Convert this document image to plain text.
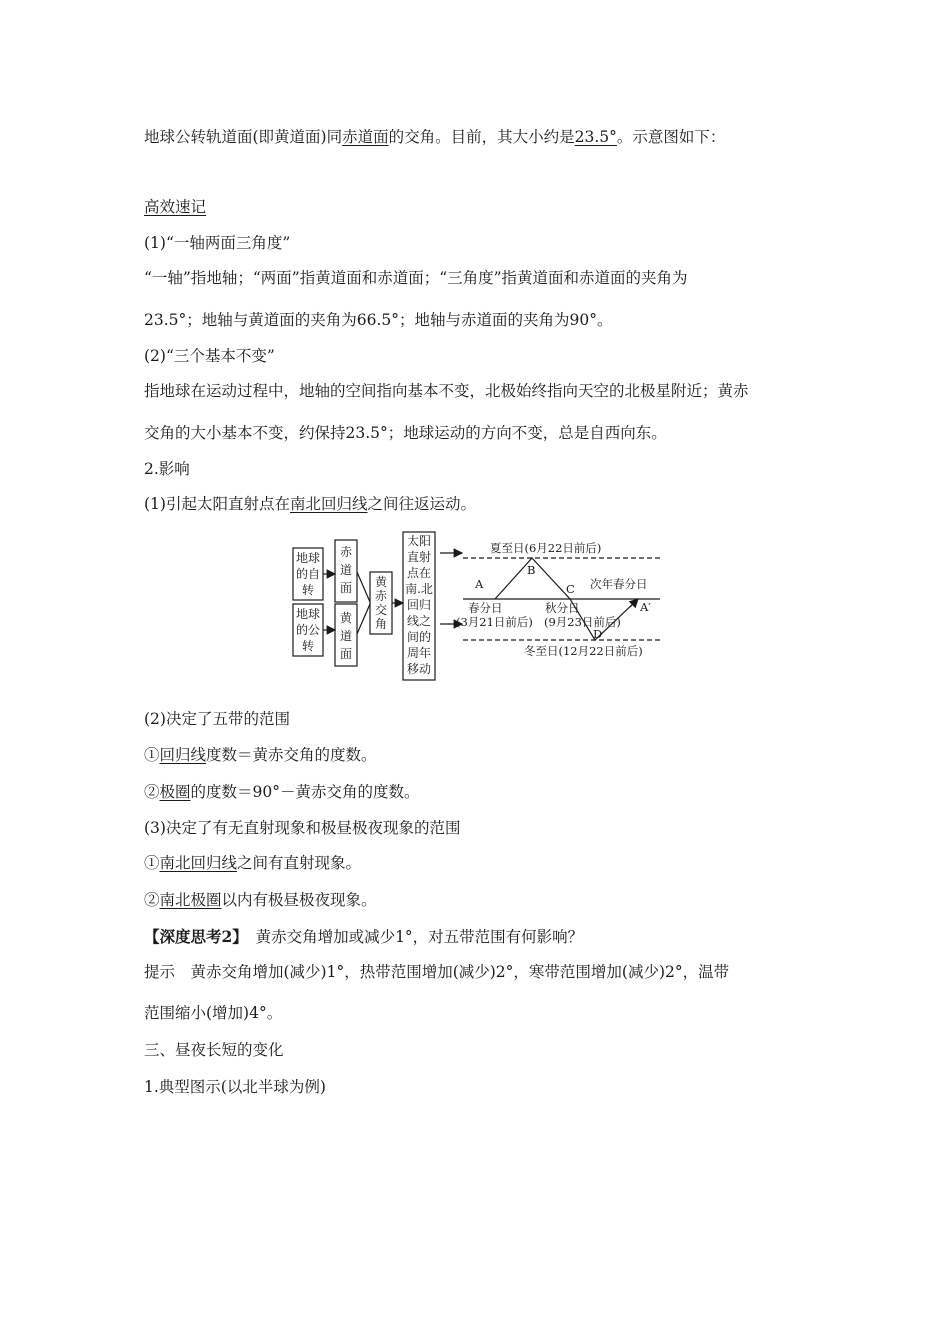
地球公转轨道面(即黄道面)同赤道面的交角。目前，其大小约是23.5°。示意图如下：
高效速记
(1)“一轴两面三角度”
“一轴”指地轴；“两面”指黄道面和赤道面；“三角度”指黄道面和赤道面的夹角为
23.5°；地轴与黄道面的夹角为66.5°；地轴与赤道面的夹角为90°。
(2)“三个基本不变”
指地球在运动过程中，地轴的空间指向基本不变，北极始终指向天空的北极星附近；黄赤
交角的大小基本不变，约保持23.5°；地球运动的方向不变，总是自西向东。
2.影响
(1)引起太阳直射点在南北回归线之间往返运动。
地球
的自
转
地球
的公
转
赤
道
面
黄
道
面
黄
赤
交
角
太阳
直射
点在
南.北
回归
线之
间的
周年
移动
夏至日(6月22日前后)
A
B
C 次年春分日
A′
春分日
(3月21日前后)
秋分日
(9月23日前后)
D
冬至日(12月22日前后)
(2)决定了五带的范围
①回归线度数＝黄赤交角的度数。
②极圈的度数＝90°－黄赤交角的度数。
(3)决定了有无直射现象和极昼极夜现象的范围
①南北回归线之间有直射现象。
②南北极圈以内有极昼极夜现象。
【深度思考2】　 黄赤交角增加或减少1°，对五带范围有何影响？
提示　黄赤交角增加(减少)1°，热带范围增加(减少)2°，寒带范围增加(减少)2°，温带
范围缩小(增加)4°。
三、昼夜长短的变化
1.典型图示(以北半球为例)
